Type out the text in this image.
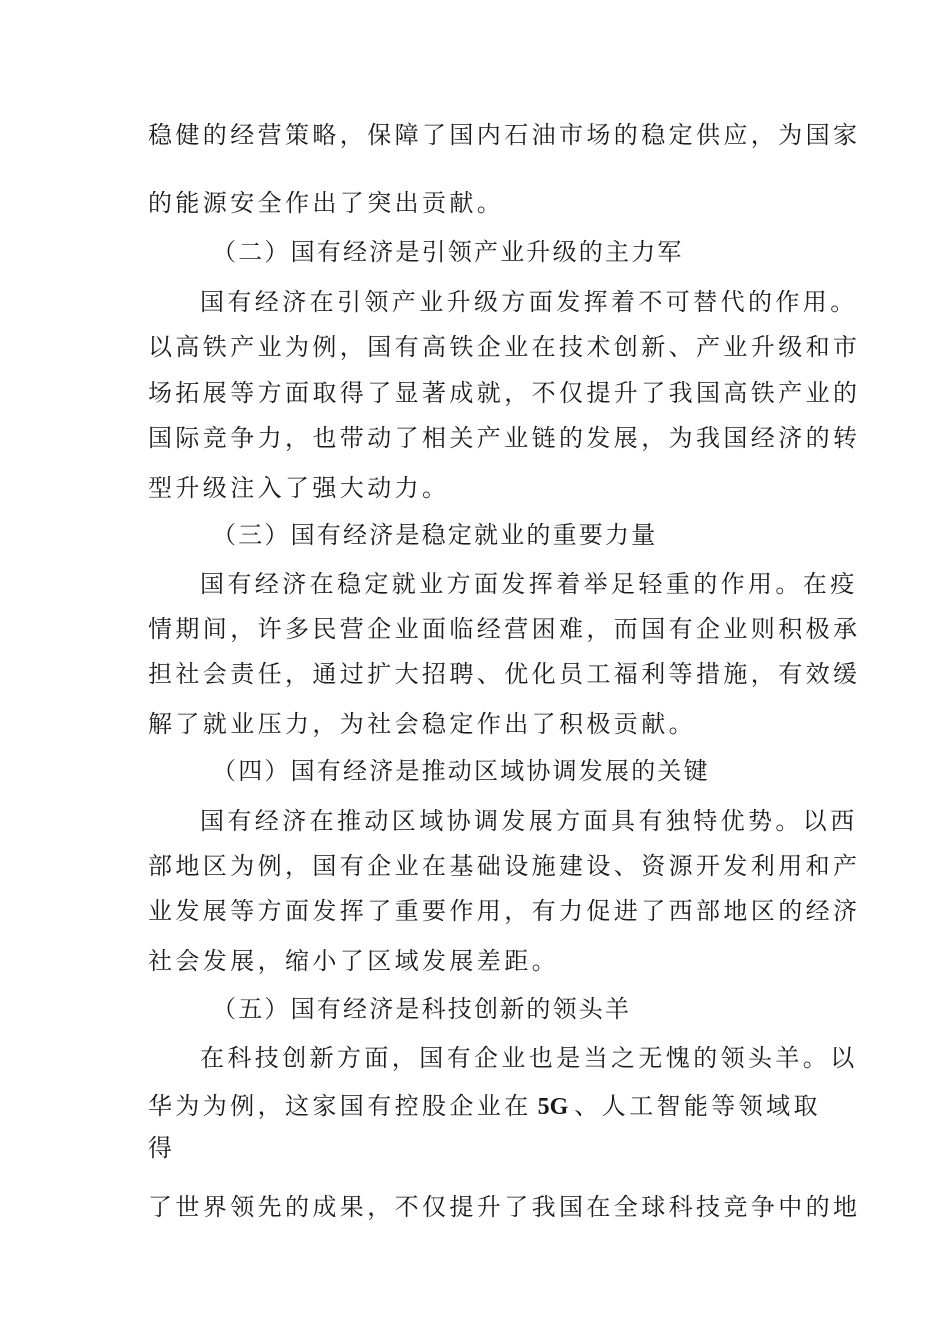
稳健的经营策略，保障了国内石油市场的稳定供应，为国家
的能源安全作出了突出贡献。
（二）国有经济是引领产业升级的主力军
国有经济在引领产业升级方面发挥着不可替代的作用。
以高铁产业为例，国有高铁企业在技术创新、产业升级和市
场拓展等方面取得了显著成就，不仅提升了我国高铁产业的
国际竞争力，也带动了相关产业链的发展，为我国经济的转
型升级注入了强大动力。
（三）国有经济是稳定就业的重要力量
国有经济在稳定就业方面发挥着举足轻重的作用。在疫
情期间，许多民营企业面临经营困难，而国有企业则积极承
担社会责任，通过扩大招聘、优化员工福利等措施，有效缓
解了就业压力，为社会稳定作出了积极贡献。
（四）国有经济是推动区域协调发展的关键
国有经济在推动区域协调发展方面具有独特优势。以西
部地区为例，国有企业在基础设施建设、资源开发利用和产
业发展等方面发挥了重要作用，有力促进了西部地区的经济
社会发展，缩小了区域发展差距。
（五）国有经济是科技创新的领头羊
在科技创新方面，国有企业也是当之无愧的领头羊。以
华为为例，这家国有控股企业在 5G 、人工智能等领域取
得
了世界领先的成果，不仅提升了我国在全球科技竞争中的地
